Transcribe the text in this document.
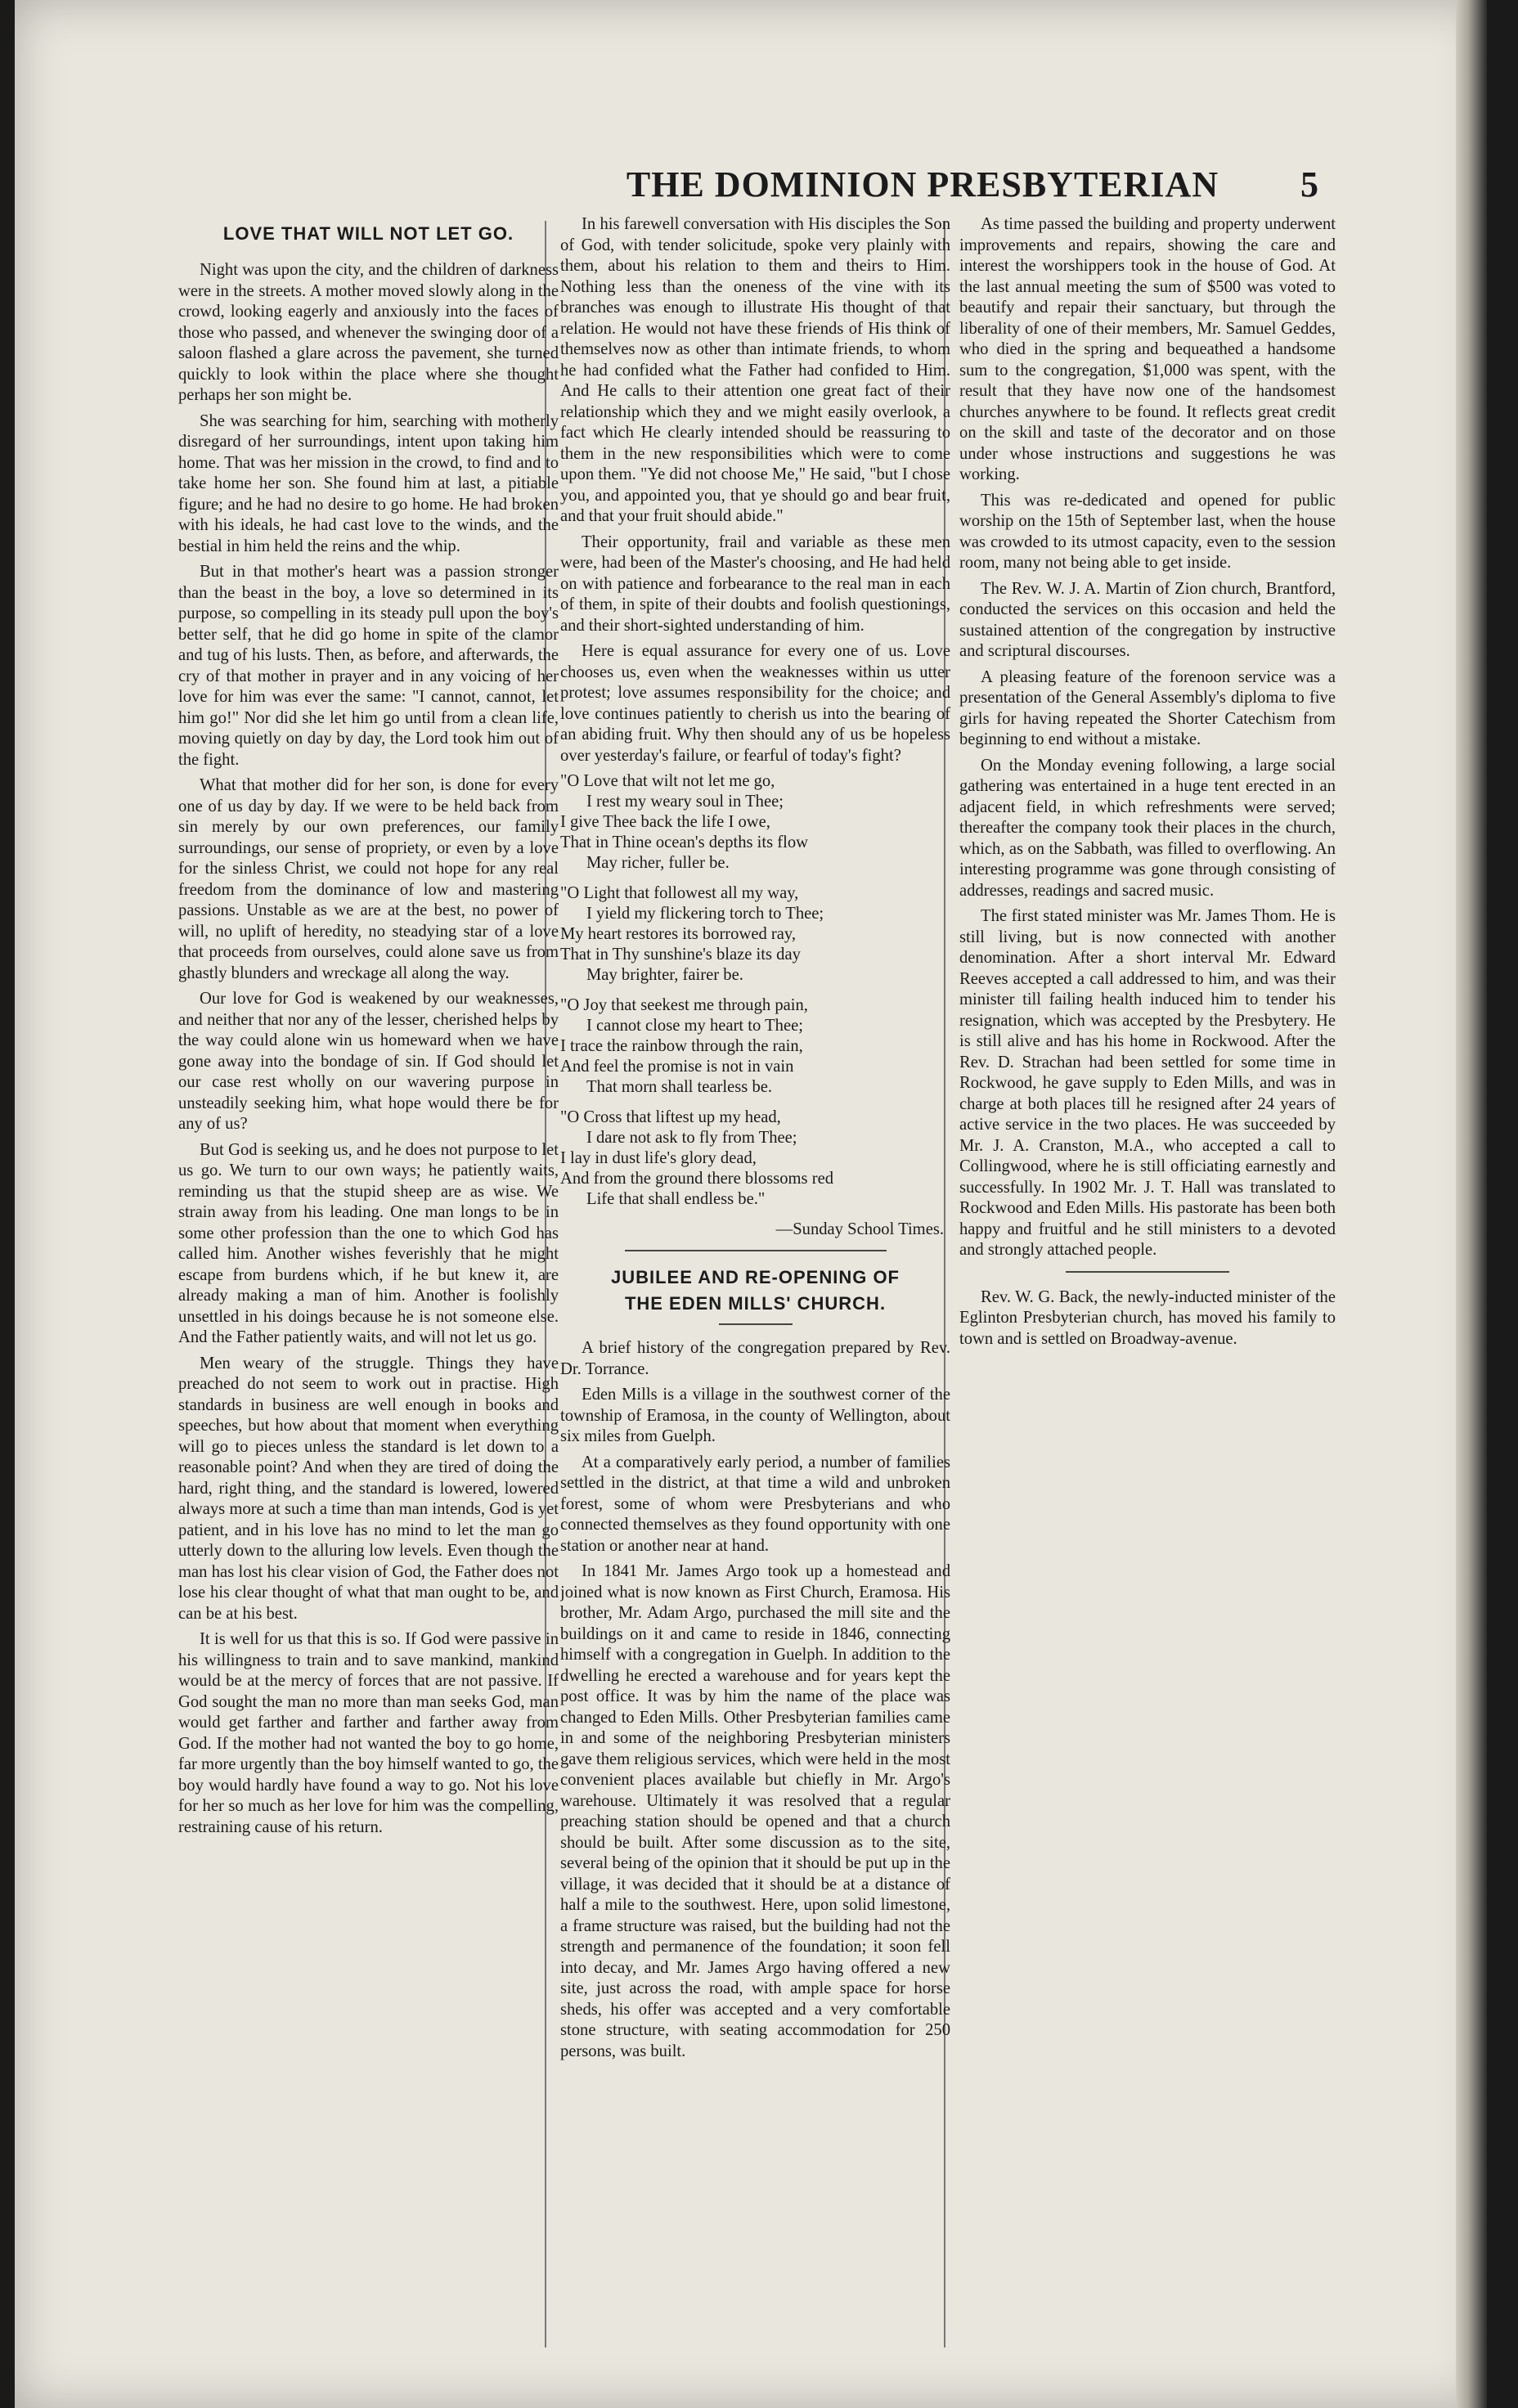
THE DOMINION PRESBYTERIAN	5
LOVE THAT WILL NOT LET GO.

Night was upon the city, and the children of darkness were in the streets. A mother moved slowly along in the crowd, looking eagerly and anxiously into the faces of those who passed, and whenever the swinging door of a saloon flashed a glare across the pavement, she turned quickly to look within the place where she thought perhaps her son might be.

She was searching for him, searching with motherly disregard of her surroundings, intent upon taking him home. That was her mission in the crowd, to find and to take home her son. She found him at last, a pitiable figure; and he had no desire to go home. He had broken with his ideals, he had cast love to the winds, and the bestial in him held the reins and the whip.

But in that mother's heart was a passion stronger than the beast in the boy, a love so determined in its purpose, so compelling in its steady pull upon the boy's better self, that he did go home in spite of the clamor and tug of his lusts. Then, as before, and afterwards, the cry of that mother in prayer and in any voicing of her love for him was ever the same: "I cannot, cannot, let him go!" Nor did she let him go until from a clean life, moving quietly on day by day, the Lord took him out of the fight.

What that mother did for her son, is done for every one of us day by day. If we were to be held back from sin merely by our own preferences, our family surroundings, our sense of propriety, or even by a love for the sinless Christ, we could not hope for any real freedom from the dominance of low and mastering passions. Unstable as we are at the best, no power of will, no uplift of heredity, no steadying star of a love that proceeds from ourselves, could alone save us from ghastly blunders and wreckage all along the way.

Our love for God is weakened by our weaknesses, and neither that nor any of the lesser, cherished helps by the way could alone win us homeward when we have gone away into the bondage of sin. If God should let our case rest wholly on our wavering purpose in unsteadily seeking him, what hope would there be for any of us?

But God is seeking us, and he does not purpose to let us go. We turn to our own ways; he patiently waits, reminding us that the stupid sheep are as wise. We strain away from his leading. One man longs to be in some other profession than the one to which God has called him. Another wishes feverishly that he might escape from burdens which, if he but knew it, are already making a man of him. Another is foolishly unsettled in his doings because he is not someone else. And the Father patiently waits, and will not let us go.

Men weary of the struggle. Things they have preached do not seem to work out in practise. High standards in business are well enough in books and speeches, but how about that moment when everything will go to pieces unless the standard is let down to a reasonable point? And when they are tired of doing the hard, right thing, and the standard is lowered, lowered always more at such a time than man intends, God is yet patient, and in his love has no mind to let the man go utterly down to the alluring low levels. Even though the man has lost his clear vision of God, the Father does not lose his clear thought of what that man ought to be, and can be at his best.

It is well for us that this is so. If God were passive in his willingness to train and to save mankind, mankind would be at the mercy of forces that are not passive. If God sought the man no more than man seeks God, man would get farther and farther and farther away from God. If the mother had not wanted the boy to go home, far more urgently than the boy himself wanted to go, the boy would hardly have found a way to go. Not his love for her so much as her love for him was the compelling, restraining cause of his return.

In his farewell conversation with His disciples the Son of God, with tender solicitude, spoke very plainly with them, about his relation to them and theirs to Him. Nothing less than the oneness of the vine with its branches was enough to illustrate His thought of that relation. He would not have these friends of His think of themselves now as other than intimate friends, to whom he had confided what the Father had confided to Him. And He calls to their attention one great fact of their relationship which they and we might easily overlook, a fact which He clearly intended should be reassuring to them in the new responsibilities which were to come upon them. "Ye did not choose Me," He said, "but I chose you, and appointed you, that ye should go and bear fruit, and that your fruit should abide."

Their opportunity, frail and variable as these men were, had been of the Master's choosing, and He had held on with patience and forbearance to the real man in each of them, in spite of their doubts and foolish questionings, and their short-sighted understanding of him.

Here is equal assurance for every one of us. Love chooses us, even when the weaknesses within us utter protest; love assumes responsibility for the choice; and love continues patiently to cherish us into the bearing of an abiding fruit. Why then should any of us be hopeless over yesterday's failure, or fearful of today's fight?

"O Love that wilt not let me go,
I rest my weary soul in Thee;
I give Thee back the life I owe,
That in Thine ocean's depths its flow
May richer, fuller be.
"O Light that followest all my way,
I yield my flickering torch to Thee;
My heart restores its borrowed ray,
That in Thy sunshine's blaze its day
May brighter, fairer be.
"O Joy that seekest me through pain,
I cannot close my heart to Thee;
I trace the rainbow through the rain,
And feel the promise is not in vain
That morn shall tearless be.
"O Cross that liftest up my head,
I dare not ask to fly from Thee;
I lay in dust life's glory dead,
And from the ground there blossoms red
Life that shall endless be."
—Sunday School Times.
JUBILEE AND RE-OPENING OF
THE EDEN MILLS' CHURCH.

A brief history of the congregation prepared by Rev. Dr. Torrance.

Eden Mills is a village in the southwest corner of the township of Eramosa, in the county of Wellington, about six miles from Guelph.

At a comparatively early period, a number of families settled in the district, at that time a wild and unbroken forest, some of whom were Presbyterians and who connected themselves as they found opportunity with one station or another near at hand.

In 1841 Mr. James Argo took up a homestead and joined what is now known as First Church, Eramosa. His brother, Mr. Adam Argo, purchased the mill site and the buildings on it and came to reside in 1846, connecting himself with a congregation in Guelph. In addition to the dwelling he erected a warehouse and for years kept the post office. It was by him the name of the place was changed to Eden Mills. Other Presbyterian families came in and some of the neighboring Presbyterian ministers gave them religious services, which were held in the most convenient places available but chiefly in Mr. Argo's warehouse. Ultimately it was resolved that a regular preaching station should be opened and that a church should be built. After some discussion as to the site, several being of the opinion that it should be put up in the village, it was decided that it should be at a distance of half a mile to the southwest. Here, upon solid limestone, a frame structure was raised, but the building had not the strength and permanence of the foundation; it soon fell into decay, and Mr. James Argo having offered a new site, just across the road, with ample space for horse sheds, his offer was accepted and a very comfortable stone structure, with seating accommodation for 250 persons, was built.

As time passed the building and property underwent improvements and repairs, showing the care and interest the worshippers took in the house of God. At the last annual meeting the sum of $500 was voted to beautify and repair their sanctuary, but through the liberality of one of their members, Mr. Samuel Geddes, who died in the spring and bequeathed a handsome sum to the congregation, $1,000 was spent, with the result that they have now one of the handsomest churches anywhere to be found. It reflects great credit on the skill and taste of the decorator and on those under whose instructions and suggestions he was working.

This was re-dedicated and opened for public worship on the 15th of September last, when the house was crowded to its utmost capacity, even to the session room, many not being able to get inside.

The Rev. W. J. A. Martin of Zion church, Brantford, conducted the services on this occasion and held the sustained attention of the congregation by instructive and scriptural discourses.

A pleasing feature of the forenoon service was a presentation of the General Assembly's diploma to five girls for having repeated the Shorter Catechism from beginning to end without a mistake.

On the Monday evening following, a large social gathering was entertained in a huge tent erected in an adjacent field, in which refreshments were served; thereafter the company took their places in the church, which, as on the Sabbath, was filled to overflowing. An interesting programme was gone through consisting of addresses, readings and sacred music.

The first stated minister was Mr. James Thom. He is still living, but is now connected with another denomination. After a short interval Mr. Edward Reeves accepted a call addressed to him, and was their minister till failing health induced him to tender his resignation, which was accepted by the Presbytery. He is still alive and has his home in Rockwood. After the Rev. D. Strachan had been settled for some time in Rockwood, he gave supply to Eden Mills, and was in charge at both places till he resigned after 24 years of active service in the two places. He was succeeded by Mr. J. A. Cranston, M.A., who accepted a call to Collingwood, where he is still officiating earnestly and successfully. In 1902 Mr. J. T. Hall was translated to Rockwood and Eden Mills. His pastorate has been both happy and fruitful and he still ministers to a devoted and strongly attached people.

Rev. W. G. Back, the newly-inducted minister of the Eglinton Presbyterian church, has moved his family to town and is settled on Broadway-avenue.
